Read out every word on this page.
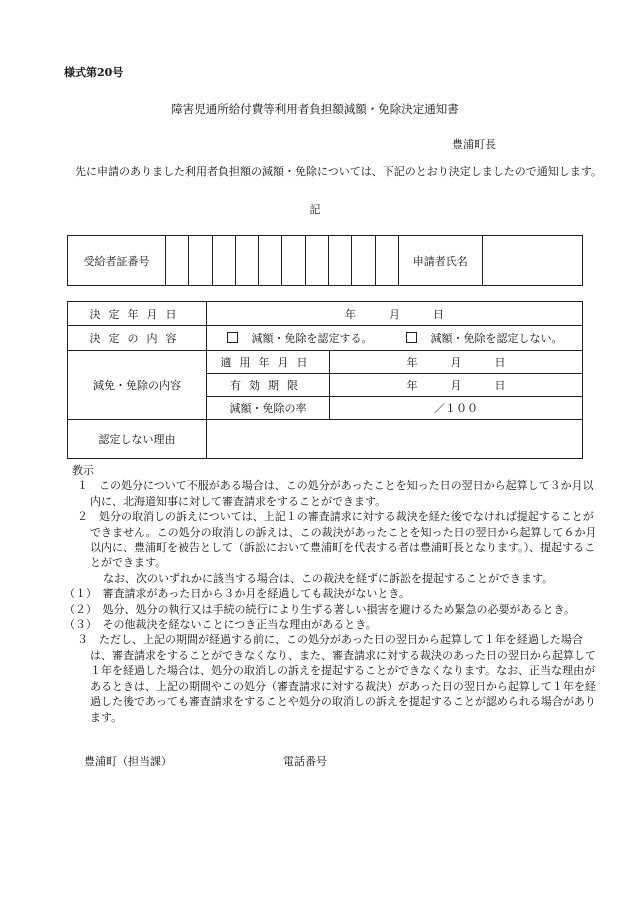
様式第20号
障害児通所給付費等利用者負担額減額・免除決定通知書
豊浦町長
先に申請のありました利用者負担額の減額・免除については、下記のとおり決定しましたので通知します。
記
受給者証番号											申請者氏名	
決定年月日	年　　　月　　　日	
決定の内容	減額・免除を認定する。 減額・免除を認定しない。	
減免・免除の内容	適用年月日	年　　　月　　　日
	有効期限	年　　　月　　　日
	減額・免除の率	／１００
認定しない理由		

教示

１　この処分について不服がある場合は、この処分があったことを知った日の翌日から起算して３か月以内に、北海道知事に対して審査請求をすることができます。

２　処分の取消しの訴えについては、上記１の審査請求に対する裁決を経た後でなければ提起することができません。この処分の取消しの訴えは、この裁決があったことを知った日の翌日から起算して６か月以内に、豊浦町を被告として（訴訟において豊浦町を代表する者は豊浦町長となります。）、提起することができます。

なお、次のいずれかに該当する場合は、この裁決を経ずに訴訟を提起することができます。

（１）　審査請求があった日から３か月を経過しても裁決がないとき。

（２）　処分、処分の執行又は手続の続行により生ずる著しい損害を避けるため緊急の必要があるとき。

（３）　その他裁決を経ないことにつき正当な理由があるとき。

３　ただし、上記の期間が経過する前に、この処分があった日の翌日から起算して１年を経過した場合は、審査請求をすることができなくなり、また、審査請求に対する裁決のあった日の翌日から起算して１年を経過した場合は、処分の取消しの訴えを提起することができなくなります。なお、正当な理由があるときは、上記の期間やこの処分（審査請求に対する裁決）があった日の翌日から起算して１年を経過した後であっても審査請求をすることや処分の取消しの訴えを提起することが認められる場合があります。

豊浦町（担当課）	電話番号
